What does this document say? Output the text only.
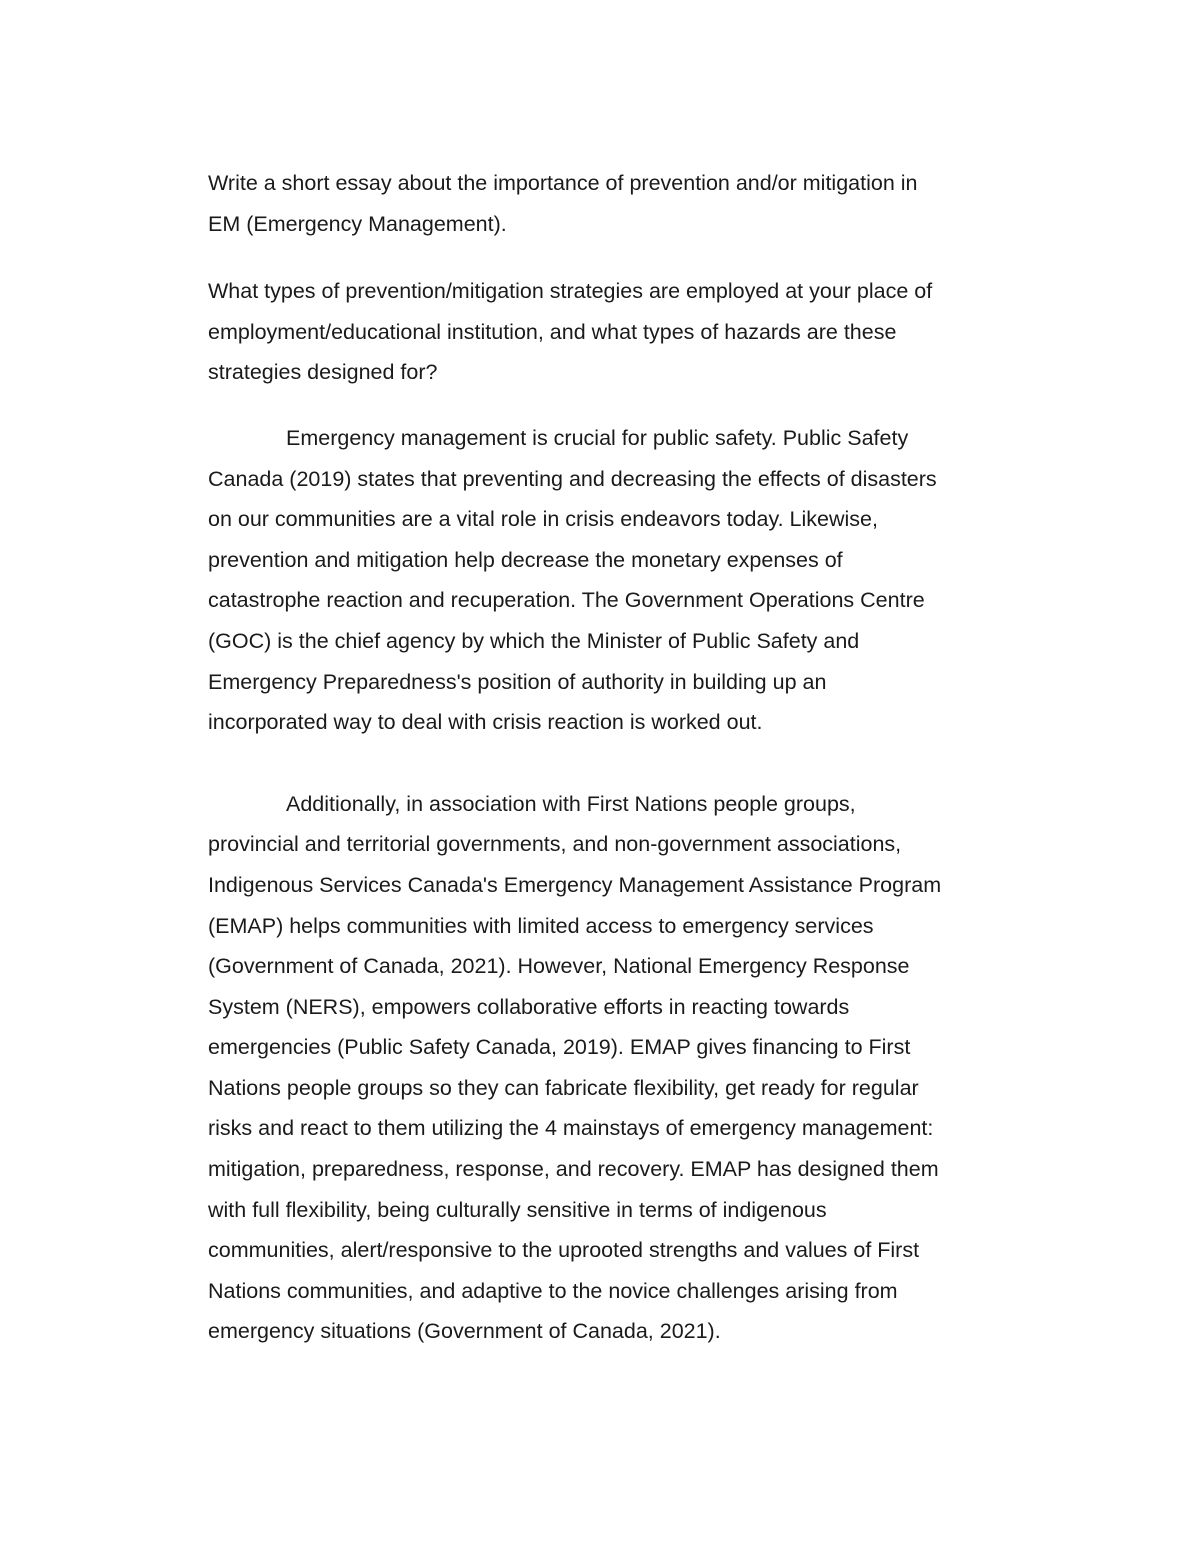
Write a short essay about the importance of prevention and/or mitigation in
EM (Emergency Management).
What types of prevention/mitigation strategies are employed at your place of
employment/educational institution, and what types of hazards are these
strategies designed for?
Emergency management is crucial for public safety. Public Safety
Canada (2019) states that preventing and decreasing the effects of disasters
on our communities are a vital role in crisis endeavors today. Likewise,
prevention and mitigation help decrease the monetary expenses of
catastrophe reaction and recuperation. The Government Operations Centre
(GOC) is the chief agency by which the Minister of Public Safety and
Emergency Preparedness's position of authority in building up an
incorporated way to deal with crisis reaction is worked out.
Additionally, in association with First Nations people groups,
provincial and territorial governments, and non-government associations,
Indigenous Services Canada's Emergency Management Assistance Program
(EMAP) helps communities with limited access to emergency services
(Government of Canada, 2021). However, National Emergency Response
System (NERS), empowers collaborative efforts in reacting towards
emergencies (Public Safety Canada, 2019). EMAP gives financing to First
Nations people groups so they can fabricate flexibility, get ready for regular
risks and react to them utilizing the 4 mainstays of emergency management:
mitigation, preparedness, response, and recovery. EMAP has designed them
with full flexibility, being culturally sensitive in terms of indigenous
communities, alert/responsive to the uprooted strengths and values of First
Nations communities, and adaptive to the novice challenges arising from
emergency situations (Government of Canada, 2021).
